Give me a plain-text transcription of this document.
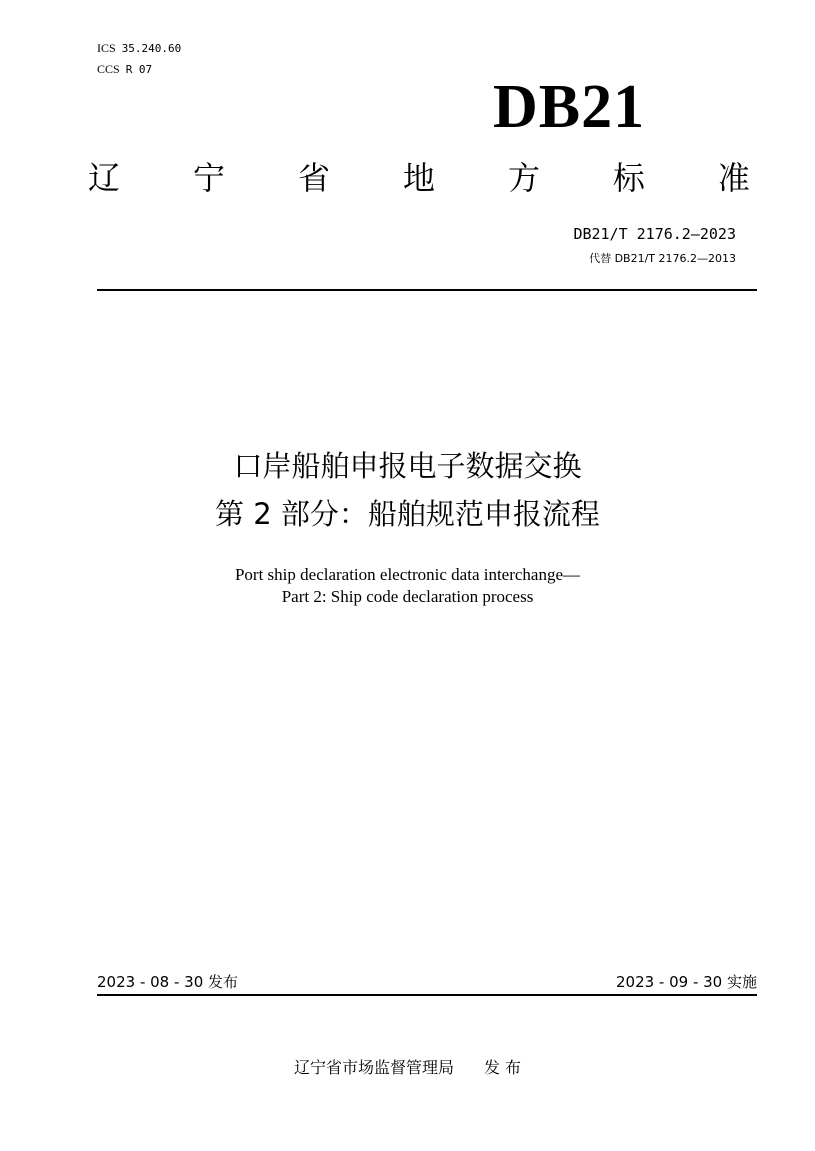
ICS 35.240.60
CCS R 07
DB21
辽 宁 省 地 方 标 准
DB21/T 2176.2—2023
代替 DB21/T 2176.2—2013
口岸船舶申报电子数据交换
第 2 部分：船舶规范申报流程
Port ship declaration electronic data interchange—
Part 2: Ship code declaration process
2023 - 08 - 30 发布	2023 - 09 - 30 实施
辽宁省市场监督管理局 发 布
